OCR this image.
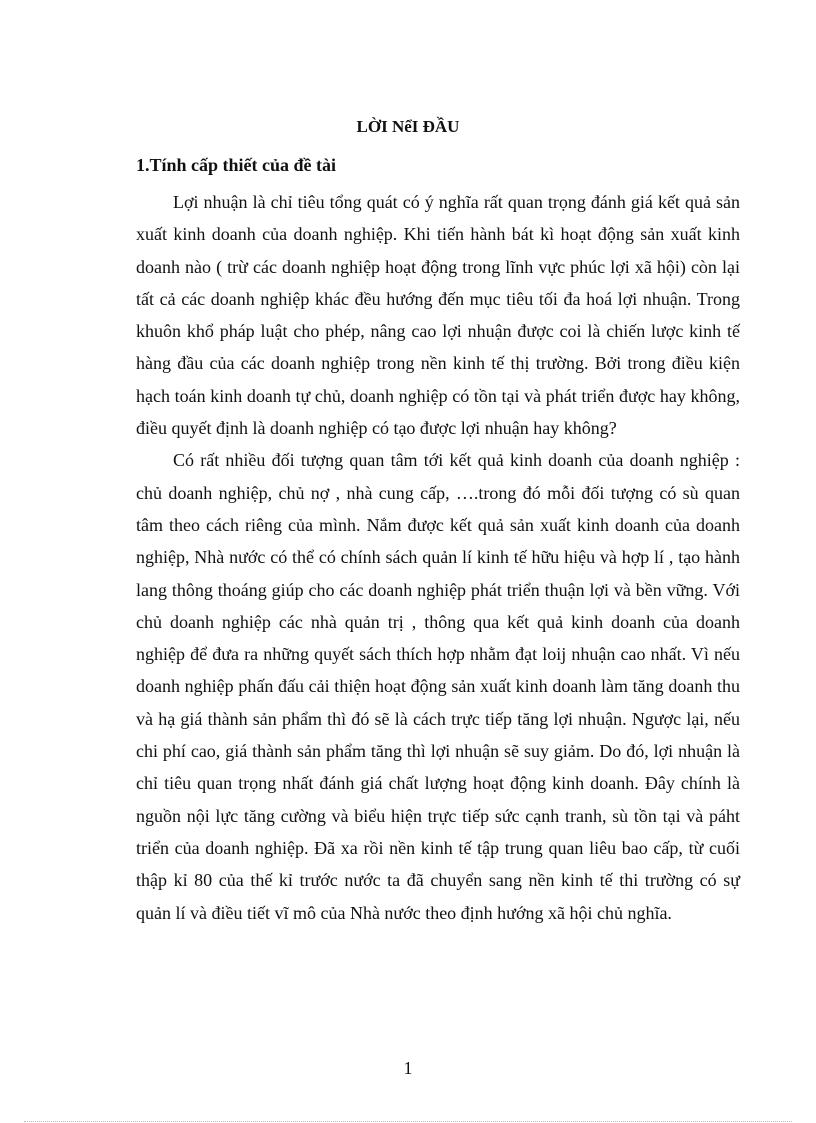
LỜI NểI ĐẦU
1.Tính cấp thiết của đề tài

Lợi nhuận là chỉ tiêu tổng quát có ý nghĩa rất quan trọng đánh giá kết quả sản xuất kinh doanh của doanh nghiệp. Khi tiến hành bát kì hoạt động sản xuất kinh doanh nào ( trừ các doanh nghiệp hoạt động trong lĩnh vực phúc lợi xã hội) còn lại tất cả các doanh nghiệp khác đều hướng đến mục tiêu tối đa hoá lợi nhuận. Trong khuôn khổ pháp luật cho phép, nâng cao lợi nhuận được coi là chiến lược kinh tế hàng đầu của các doanh nghiệp trong nền kinh tế thị trường. Bởi trong điều kiện hạch toán kinh doanh tự chủ, doanh nghiệp có tồn tại và phát triển được hay không, điều quyết định là doanh nghiệp có tạo được lợi nhuận hay không?

Có rất nhiều đối tượng quan tâm tới kết quả kinh doanh của doanh nghiệp : chủ doanh nghiệp, chủ nợ , nhà cung cấp, ….trong đó mỗi đối tượng có sù quan tâm theo cách riêng của mình. Nắm được kết quả sản xuất kinh doanh của doanh nghiệp, Nhà nước có thể có chính sách quản lí kinh tế hữu hiệu và hợp lí , tạo hành lang thông thoáng giúp cho các doanh nghiệp phát triển thuận lợi và bền vững. Với chủ doanh nghiệp các nhà quản trị , thông qua kết quả kinh doanh của doanh nghiệp để đưa ra những quyết sách thích hợp nhằm đạt loij nhuận cao nhất. Vì nếu doanh nghiệp phấn đấu cải thiện hoạt động sản xuất kinh doanh làm tăng doanh thu và hạ giá thành sản phẩm thì đó sẽ là cách trực tiếp tăng lợi nhuận. Ngược lại, nếu chi phí cao, giá thành sản phẩm tăng thì lợi nhuận sẽ suy giảm. Do đó, lợi nhuận là chỉ tiêu quan trọng nhất đánh giá chất lượng hoạt động kinh doanh. Đây chính là nguồn nội lực tăng cường và biểu hiện trực tiếp sức cạnh tranh, sù tồn tại và páht triển của doanh nghiệp. Đã xa rồi nền kinh tế tập trung quan liêu bao cấp, từ cuối thập kỉ 80 của thế kỉ trước nước ta đã chuyển sang nền kinh tế thi trường có sự quản lí và điều tiết vĩ mô của Nhà nước theo định hướng xã hội chủ nghĩa.

1
